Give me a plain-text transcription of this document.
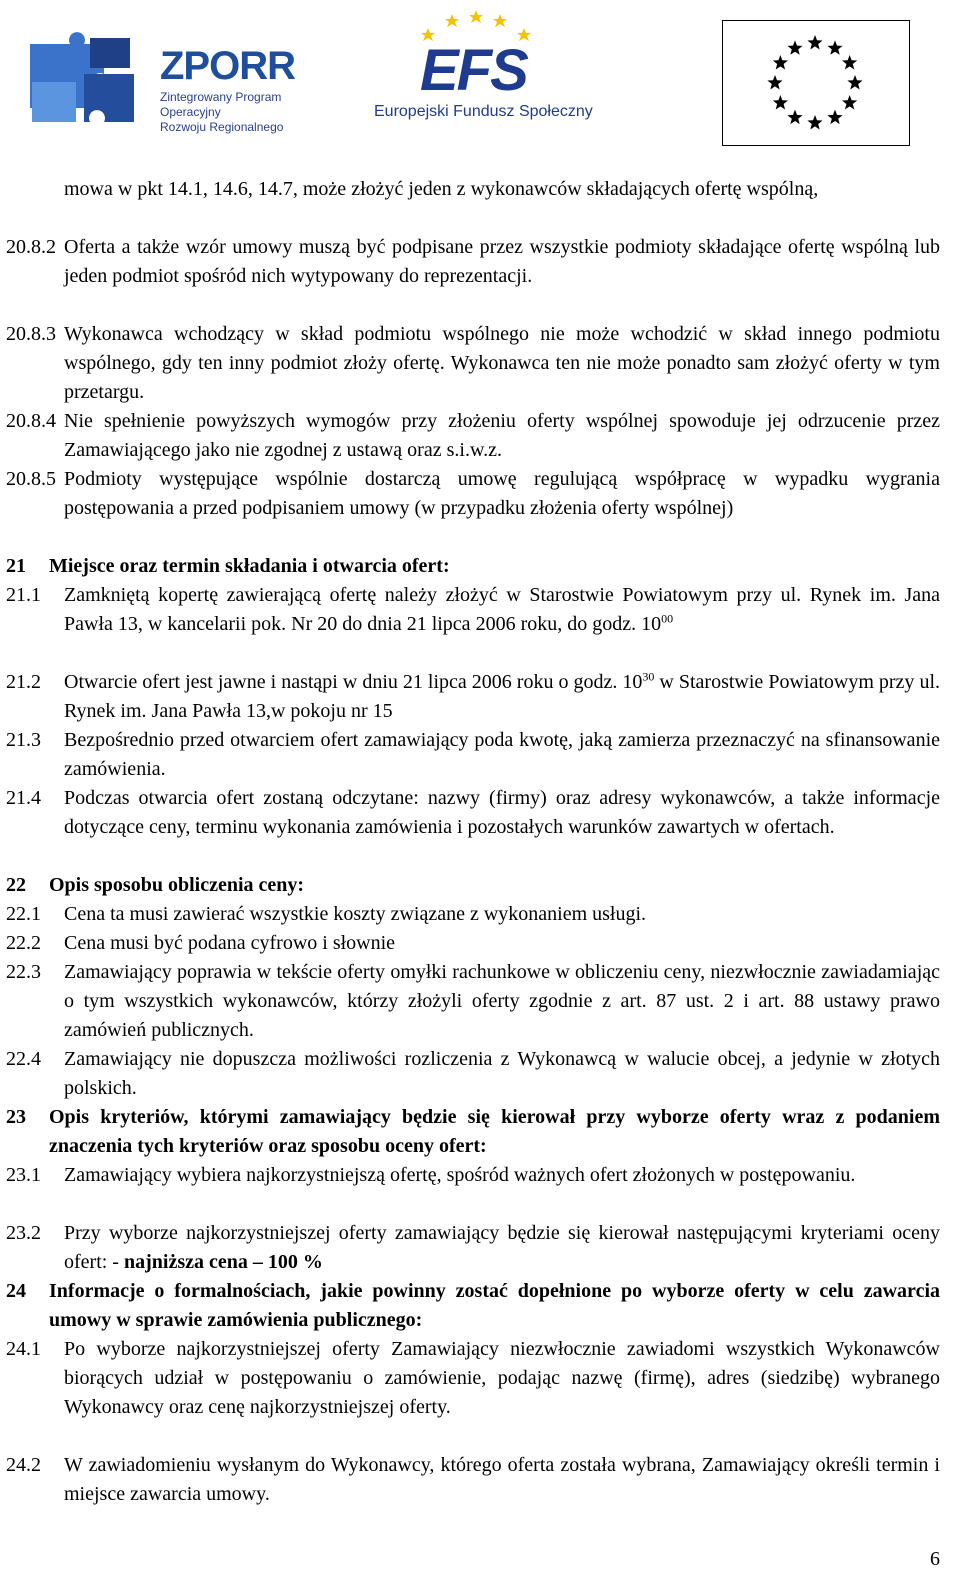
ZPORR
Zintegrowany Program
Operacyjny
Rozwoju Regionalnego
EFS
Europejski Fundusz Społeczny
mowa w pkt 14.1, 14.6, 14.7, może złożyć jeden z wykonawców składających ofertę wspólną,
20.8.2 Oferta a także wzór umowy muszą być podpisane przez wszystkie podmioty składające ofertę wspólną lub jeden podmiot spośród nich wytypowany do reprezentacji.
20.8.3 Wykonawca wchodzący w skład podmiotu wspólnego nie może wchodzić w skład innego podmiotu wspólnego, gdy ten inny podmiot złoży ofertę. Wykonawca ten nie może ponadto sam złożyć oferty w tym przetargu.
20.8.4 Nie spełnienie powyższych wymogów przy złożeniu oferty wspólnej spowoduje jej odrzucenie przez Zamawiającego jako nie zgodnej z ustawą oraz s.i.w.z.
20.8.5 Podmioty występujące wspólnie dostarczą umowę regulującą współpracę w wypadku wygrania postępowania a przed podpisaniem umowy (w przypadku złożenia oferty wspólnej)
21 Miejsce oraz termin składania i otwarcia ofert:
21.1 Zamkniętą kopertę zawierającą ofertę należy złożyć w Starostwie Powiatowym przy ul. Rynek im. Jana Pawła 13, w kancelarii pok. Nr 20 do dnia 21 lipca 2006 roku, do godz. $10^{00}$
21.2 Otwarcie ofert jest jawne i nastąpi w dniu 21 lipca 2006 roku o godz. $10^{30}$ w Starostwie Powiatowym przy ul. Rynek im. Jana Pawła 13,w pokoju nr 15
21.3 Bezpośrednio przed otwarciem ofert zamawiający poda kwotę, jaką zamierza przeznaczyć na sfinansowanie zamówienia.
21.4 Podczas otwarcia ofert zostaną odczytane: nazwy (firmy) oraz adresy wykonawców, a także informacje dotyczące ceny, terminu wykonania zamówienia i pozostałych warunków zawartych w ofertach.
22 Opis sposobu obliczenia ceny:
22.1 Cena ta musi zawierać wszystkie koszty związane z wykonaniem usługi.
22.2 Cena musi być podana cyfrowo i słownie
22.3 Zamawiający poprawia w tekście oferty omyłki rachunkowe w obliczeniu ceny, niezwłocznie zawiadamiając o tym wszystkich wykonawców, którzy złożyli oferty zgodnie z art. 87 ust. 2 i art. 88 ustawy prawo zamówień publicznych.
22.4 Zamawiający nie dopuszcza możliwości rozliczenia z Wykonawcą w walucie obcej, a jedynie w złotych polskich.
23 Opis kryteriów, którymi zamawiający będzie się kierował przy wyborze oferty wraz z podaniem znaczenia tych kryteriów oraz sposobu oceny ofert:
23.1 Zamawiający wybiera najkorzystniejszą ofertę, spośród ważnych ofert złożonych w postępowaniu.
23.2 Przy wyborze najkorzystniejszej oferty zamawiający będzie się kierował następującymi kryteriami oceny ofert: - najniższa cena – 100 %
24 Informacje o formalnościach, jakie powinny zostać dopełnione po wyborze oferty w celu zawarcia umowy w sprawie zamówienia publicznego:
24.1 Po wyborze najkorzystniejszej oferty Zamawiający niezwłocznie zawiadomi wszystkich Wykonawców biorących udział w postępowaniu o zamówienie, podając nazwę (firmę), adres (siedzibę) wybranego Wykonawcy oraz cenę najkorzystniejszej oferty.
24.2 W zawiadomieniu wysłanym do Wykonawcy, którego oferta została wybrana, Zamawiający określi termin i miejsce zawarcia umowy.
6
